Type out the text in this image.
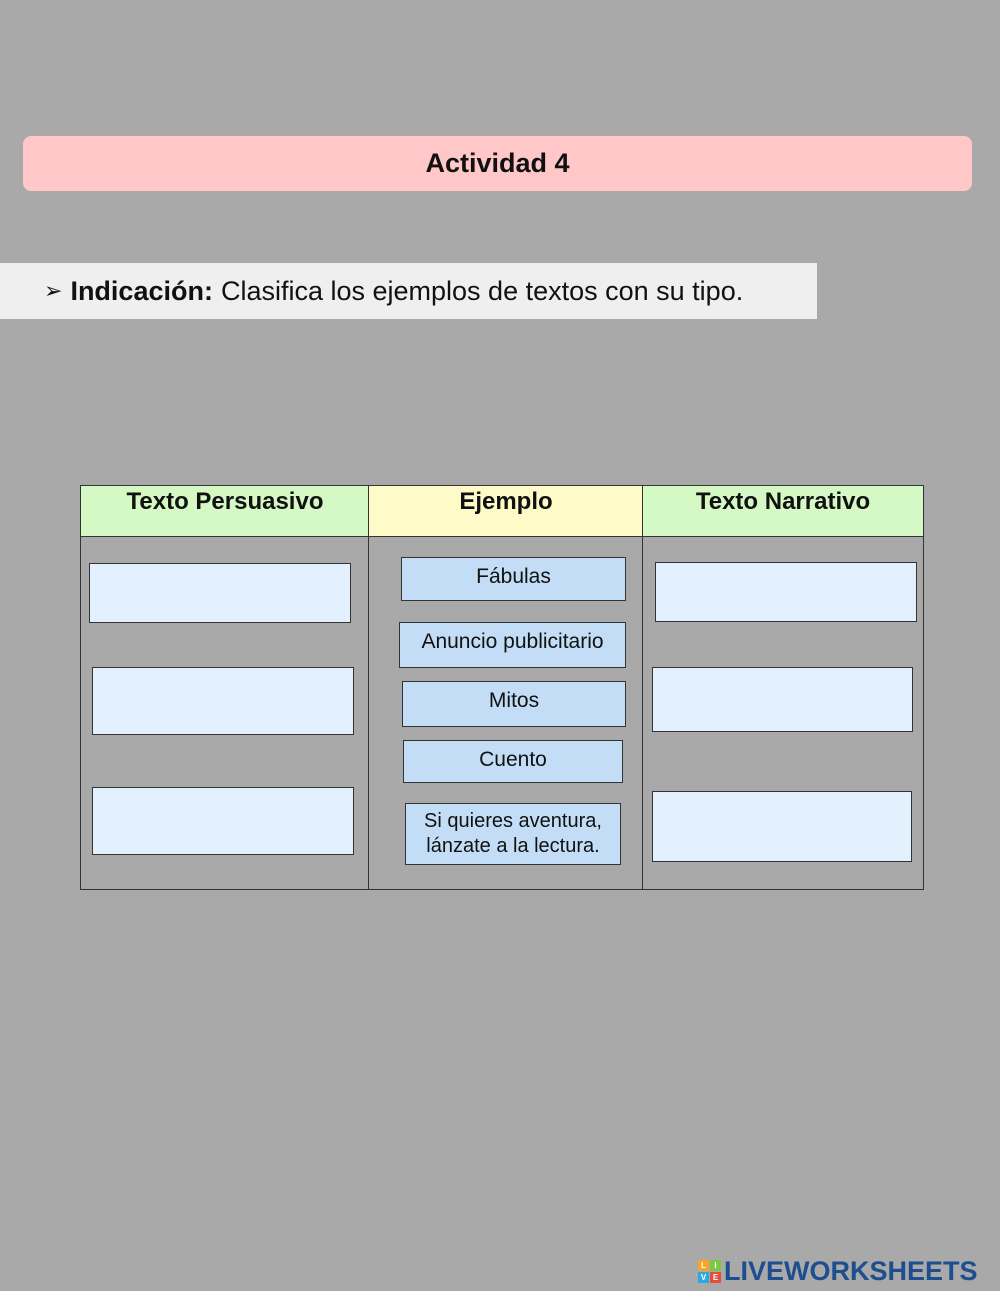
Actividad 4
➢ Indicación: Clasifica los ejemplos de textos con su tipo.
Texto Persuasivo	Ejemplo	Texto Narrativo
Fábulas
Anuncio publicitario
Mitos
Cuento
Si quieres aventura,
lánzate a la lectura.
L	I
V E LIVEWORKSHEETS
